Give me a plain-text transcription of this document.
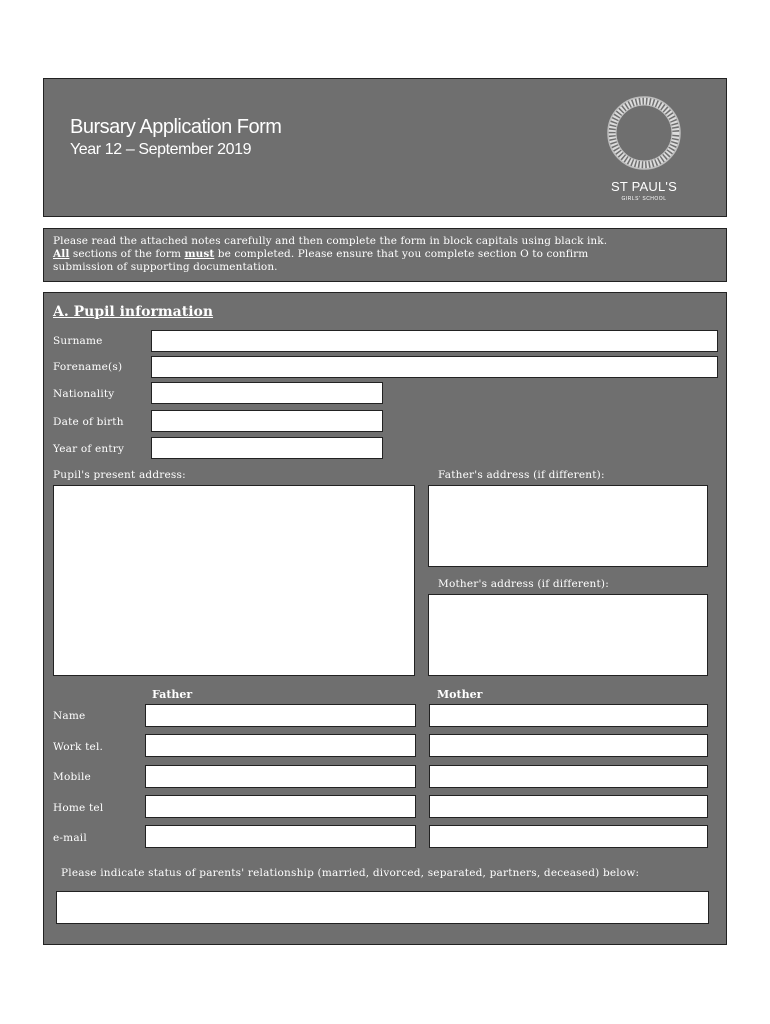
Bursary Application Form
Year 12 – September 2019
ST PAUL'S
GIRLS' SCHOOL
Please read the attached notes carefully and then complete the form in block capitals using black ink.
All sections of the form must be completed. Please ensure that you complete section O to confirm
submission of supporting documentation.
A. Pupil information
Surname
Forename(s)
Nationality
Date of birth
Year of entry
Pupil's present address:	Father's address (if different):
Mother's address (if different):
Father	Mother
Name
Work tel.
Mobile
Home tel
e-mail
Please indicate status of parents' relationship (married, divorced, separated, partners, deceased) below:
